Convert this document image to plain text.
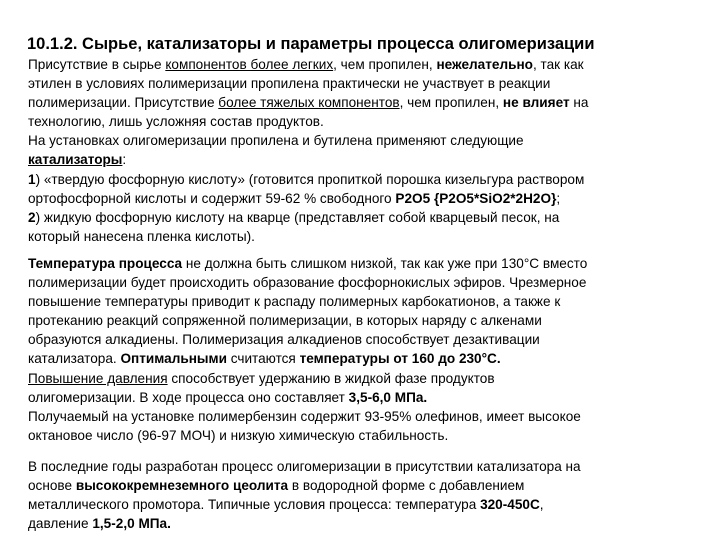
10.1.2. Сырье, катализаторы и параметры процесса олигомеризации
Присутствие в сырье компонентов более легких, чем пропилен, нежелательно, так как
этилен в условиях полимеризации пропилена практически не участвует в реакции
полимеризации. Присутствие более тяжелых компонентов, чем пропилен, не влияет на
технологию, лишь усложняя состав продуктов.
На установках олигомеризации пропилена и бутилена применяют следующие
катализаторы:
1) «твердую фосфорную кислоту» (готовится пропиткой порошка кизельгура раствором
ортофосфорной кислоты и содержит 59-62 % свободного P2O5 {P2O5*SiO2*2H2O};
2) жидкую фосфорную кислоту на кварце (представляет собой кварцевый песок, на
который нанесена пленка кислоты).
Температура процесса не должна быть слишком низкой, так как уже при 130°С вместо
полимеризации будет происходить образование фосфорнокислых эфиров. Чрезмерное
повышение температуры приводит к распаду полимерных карбокатионов, а также к
протеканию реакций сопряженной полимеризации, в которых наряду с алкенами
образуются алкадиены. Полимеризация алкадиенов способствует дезактивации
катализатора. Оптимальными считаются температуры от 160 до 230°С.
Повышение давления способствует удержанию в жидкой фазе продуктов
олигомеризации. В ходе процесса оно составляет 3,5-6,0 МПа.
Получаемый на установке полимербензин содержит 93-95% олефинов, имеет высокое
октановое число (96-97 МОЧ) и низкую химическую стабильность.
В последние годы разработан процесс олигомеризации в присутствии катализатора на
основе высококремнеземного цеолита в водородной форме с добавлением
металлического промотора. Типичные условия процесса: температура 320-450С,
давление 1,5-2,0 МПа.
